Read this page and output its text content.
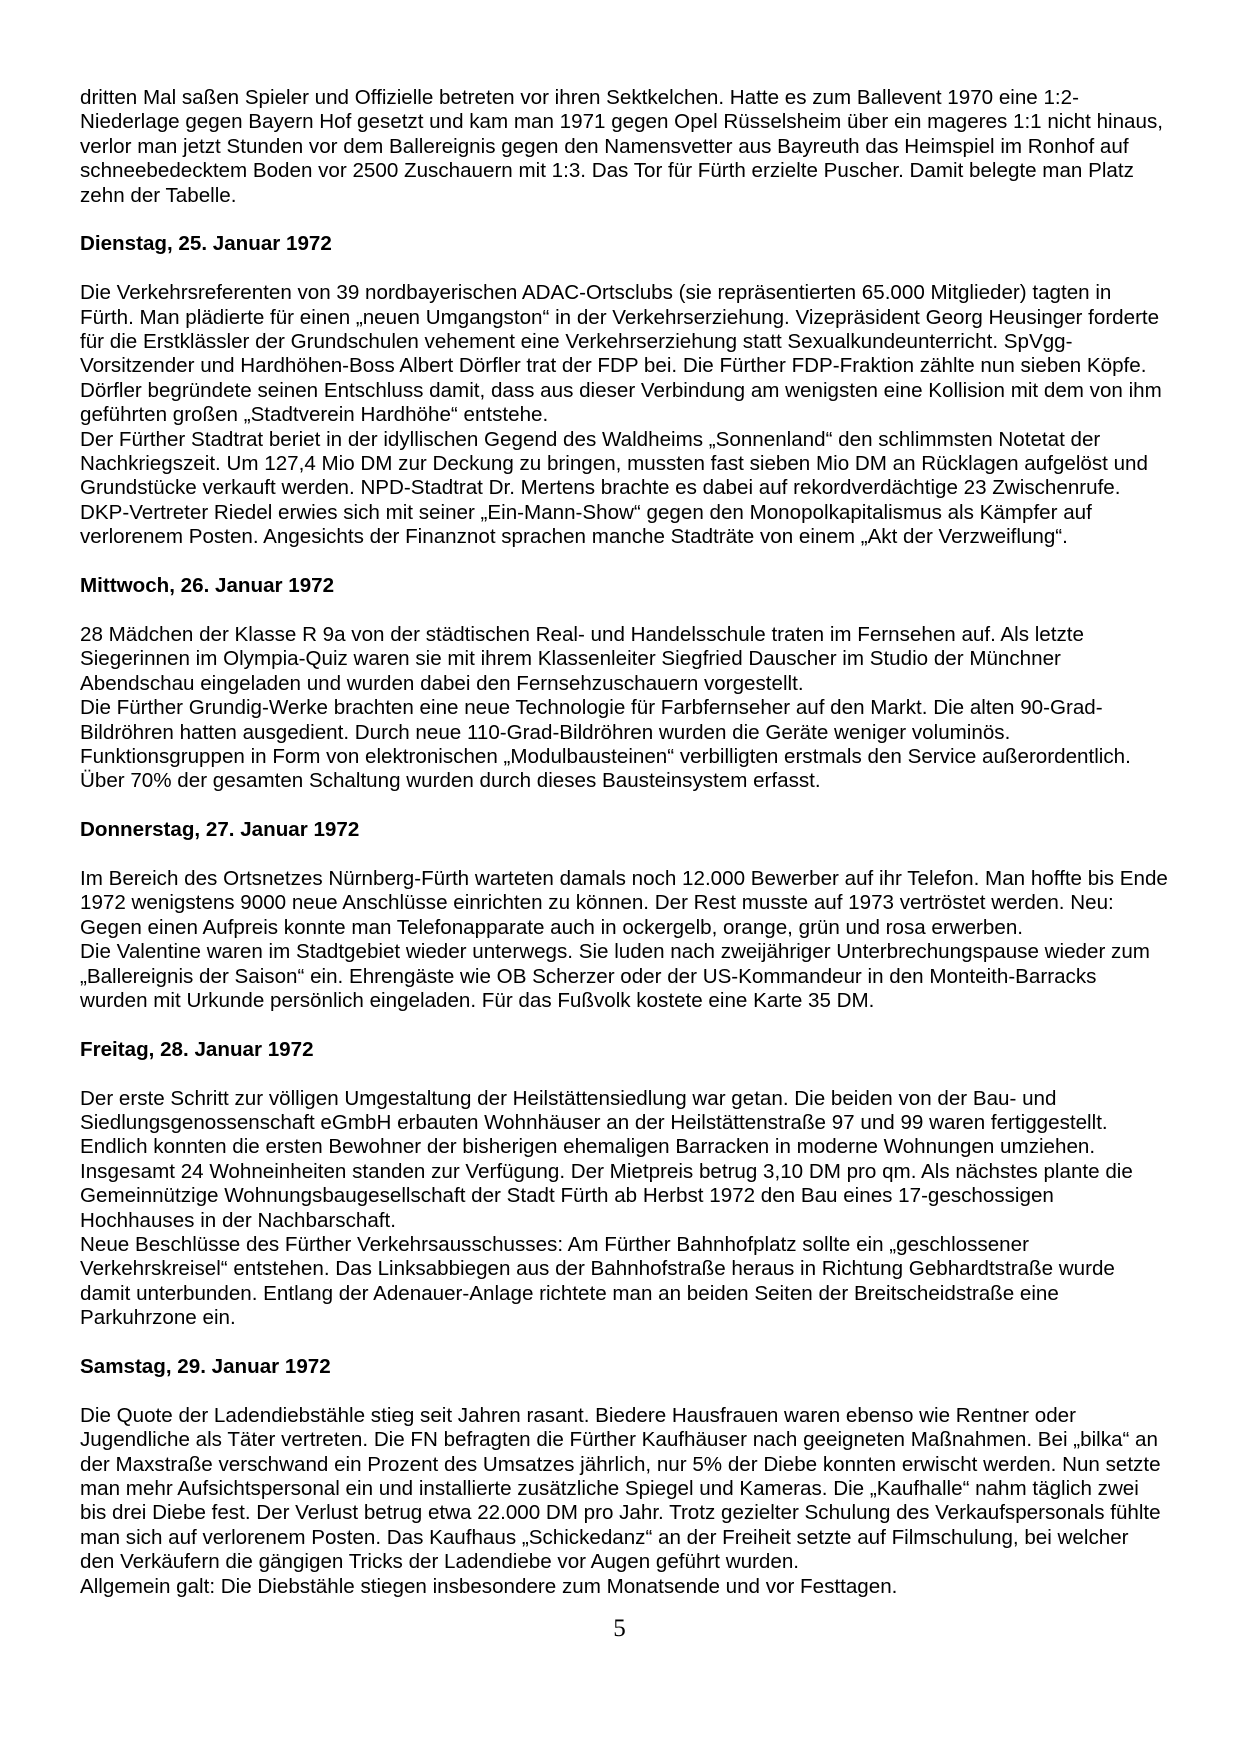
dritten Mal saßen Spieler und Offizielle betreten vor ihren Sektkelchen. Hatte es zum Ballevent 1970 eine 1:2-Niederlage gegen Bayern Hof gesetzt und kam man 1971 gegen Opel Rüsselsheim über ein mageres 1:1 nicht hinaus, verlor man jetzt Stunden vor dem Ballereignis gegen den Namensvetter aus Bayreuth das Heimspiel im Ronhof auf schneebedecktem Boden vor 2500 Zuschauern mit 1:3. Das Tor für Fürth erzielte Puscher. Damit belegte man Platz zehn der Tabelle.

Dienstag, 25. Januar 1972

Die Verkehrsreferenten von 39 nordbayerischen ADAC-Ortsclubs (sie repräsentierten 65.000 Mitglieder) tagten in Fürth. Man plädierte für einen „neuen Umgangston“ in der Verkehrserziehung. Vizepräsident Georg Heusinger forderte für die Erstklässler der Grundschulen vehement eine Verkehrserziehung statt Sexualkundeunterricht. SpVgg-Vorsitzender und Hardhöhen-Boss Albert Dörfler trat der FDP bei. Die Fürther FDP-Fraktion zählte nun sieben Köpfe. Dörfler begründete seinen Entschluss damit, dass aus dieser Verbindung am wenigsten eine Kollision mit dem von ihm geführten großen „Stadtverein Hardhöhe“ entstehe.

Der Fürther Stadtrat beriet in der idyllischen Gegend des Waldheims „Sonnenland“ den schlimmsten Notetat der Nachkriegszeit. Um 127,4 Mio DM zur Deckung zu bringen, mussten fast sieben Mio DM an Rücklagen aufgelöst und Grundstücke verkauft werden. NPD-Stadtrat Dr. Mertens brachte es dabei auf rekordverdächtige 23 Zwischenrufe. DKP-Vertreter Riedel erwies sich mit seiner „Ein-Mann-Show“ gegen den Monopolkapitalismus als Kämpfer auf verlorenem Posten. Angesichts der Finanznot sprachen manche Stadträte von einem „Akt der Verzweiflung“.

Mittwoch, 26. Januar 1972

28 Mädchen der Klasse R 9a von der städtischen Real- und Handelsschule traten im Fernsehen auf. Als letzte Siegerinnen im Olympia-Quiz waren sie mit ihrem Klassenleiter Siegfried Dauscher im Studio der Münchner Abendschau eingeladen und wurden dabei den Fernsehzuschauern vorgestellt.

Die Fürther Grundig-Werke brachten eine neue Technologie für Farbfernseher auf den Markt. Die alten 90-Grad-Bildröhren hatten ausgedient. Durch neue 110-Grad-Bildröhren wurden die Geräte weniger voluminös. Funktionsgruppen in Form von elektronischen „Modulbausteinen“ verbilligten erstmals den Service außerordentlich. Über 70% der gesamten Schaltung wurden durch dieses Bausteinsystem erfasst.

Donnerstag, 27. Januar 1972

Im Bereich des Ortsnetzes Nürnberg-Fürth warteten damals noch 12.000 Bewerber auf ihr Telefon. Man hoffte bis Ende 1972 wenigstens 9000 neue Anschlüsse einrichten zu können. Der Rest musste auf 1973 vertröstet werden. Neu: Gegen einen Aufpreis konnte man Telefonapparate auch in ockergelb, orange, grün und rosa erwerben.

Die Valentine waren im Stadtgebiet wieder unterwegs. Sie luden nach zweijähriger Unterbrechungspause wieder zum „Ballereignis der Saison“ ein. Ehrengäste wie OB Scherzer oder der US-Kommandeur in den Monteith-Barracks wurden mit Urkunde persönlich eingeladen. Für das Fußvolk kostete eine Karte 35 DM.

Freitag, 28. Januar 1972

Der erste Schritt zur völligen Umgestaltung der Heilstättensiedlung war getan. Die beiden von der Bau- und Siedlungsgenossenschaft eGmbH erbauten Wohnhäuser an der Heilstättenstraße 97 und 99 waren fertiggestellt. Endlich konnten die ersten Bewohner der bisherigen ehemaligen Barracken in moderne Wohnungen umziehen. Insgesamt 24 Wohneinheiten standen zur Verfügung. Der Mietpreis betrug 3,10 DM pro qm. Als nächstes plante die Gemeinnützige Wohnungsbaugesellschaft der Stadt Fürth ab Herbst 1972 den Bau eines 17-geschossigen Hochhauses in der Nachbarschaft.

Neue Beschlüsse des Fürther Verkehrsausschusses: Am Fürther Bahnhofplatz sollte ein „geschlossener Verkehrskreisel“ entstehen. Das Linksabbiegen aus der Bahnhofstraße heraus in Richtung Gebhardtstraße wurde damit unterbunden. Entlang der Adenauer-Anlage richtete man an beiden Seiten der Breitscheidstraße eine Parkuhrzone ein.

Samstag, 29. Januar 1972

Die Quote der Ladendiebstähle stieg seit Jahren rasant. Biedere Hausfrauen waren ebenso wie Rentner oder Jugendliche als Täter vertreten. Die FN befragten die Fürther Kaufhäuser nach geeigneten Maßnahmen. Bei „bilka“ an der Maxstraße verschwand ein Prozent des Umsatzes jährlich, nur 5% der Diebe konnten erwischt werden. Nun setzte man mehr Aufsichtspersonal ein und installierte zusätzliche Spiegel und Kameras. Die „Kaufhalle“ nahm täglich zwei bis drei Diebe fest. Der Verlust betrug etwa 22.000 DM pro Jahr. Trotz gezielter Schulung des Verkaufspersonals fühlte man sich auf verlorenem Posten. Das Kaufhaus „Schickedanz“ an der Freiheit setzte auf Filmschulung, bei welcher den Verkäufern die gängigen Tricks der Ladendiebe vor Augen geführt wurden.

Allgemein galt: Die Diebstähle stiegen insbesondere zum Monatsende und vor Festtagen.

5
